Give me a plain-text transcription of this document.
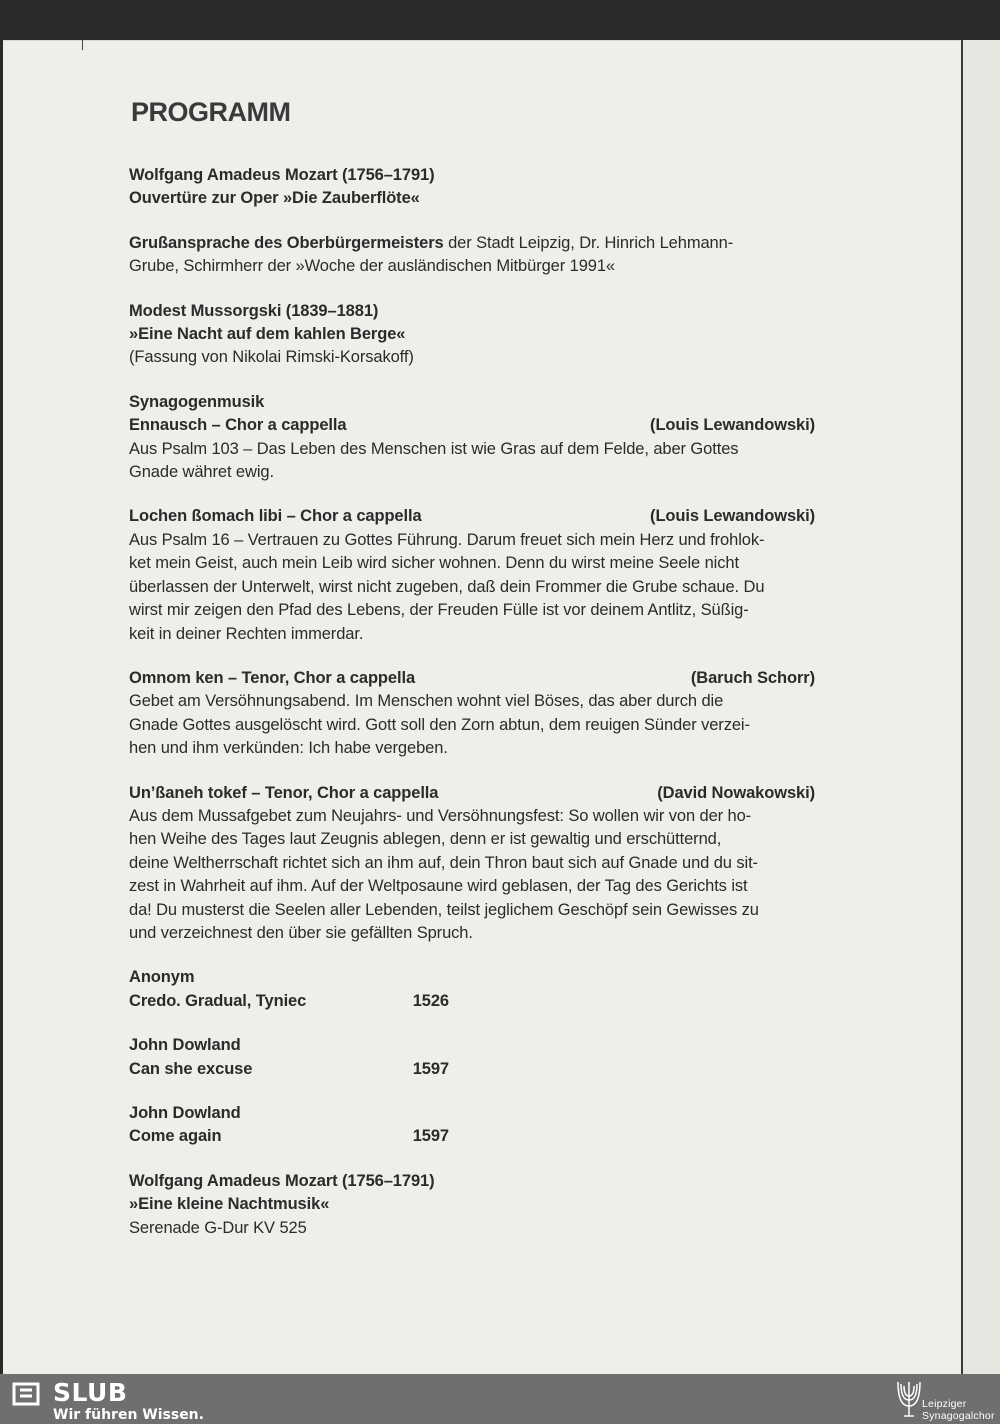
PROGRAMM

Wolfgang Amadeus Mozart (1756–1791)

Ouvertüre zur Oper »Die Zauberflöte«

Grußansprache des Oberbürgermeisters der Stadt Leipzig, Dr. Hinrich Lehmann-

Grube, Schirmherr der »Woche der ausländischen Mitbürger 1991«

Modest Mussorgski (1839–1881)

»Eine Nacht auf dem kahlen Berge«

(Fassung von Nikolai Rimski-Korsakoff)

Synagogenmusik

Ennausch – Chor a cappella	(Louis Lewandowski)

Aus Psalm 103 – Das Leben des Menschen ist wie Gras auf dem Felde, aber Gottes

Gnade währet ewig.

Lochen ßomach libi – Chor a cappella	(Louis Lewandowski)

Aus Psalm 16 – Vertrauen zu Gottes Führung. Darum freuet sich mein Herz und frohlok-

ket mein Geist, auch mein Leib wird sicher wohnen. Denn du wirst meine Seele nicht

überlassen der Unterwelt, wirst nicht zugeben, daß dein Frommer die Grube schaue. Du

wirst mir zeigen den Pfad des Lebens, der Freuden Fülle ist vor deinem Antlitz, Süßig-

keit in deiner Rechten immerdar.

Omnom ken – Tenor, Chor a cappella	(Baruch Schorr)

Gebet am Versöhnungsabend. Im Menschen wohnt viel Böses, das aber durch die

Gnade Gottes ausgelöscht wird. Gott soll den Zorn abtun, dem reuigen Sünder verzei-

hen und ihm verkünden: Ich habe vergeben.

Un’ßaneh tokef – Tenor, Chor a cappella	(David Nowakowski)

Aus dem Mussafgebet zum Neujahrs- und Versöhnungsfest: So wollen wir von der ho-

hen Weihe des Tages laut Zeugnis ablegen, denn er ist gewaltig und erschütternd,

deine Weltherrschaft richtet sich an ihm auf, dein Thron baut sich auf Gnade und du sit-

zest in Wahrheit auf ihm. Auf der Weltposaune wird geblasen, der Tag des Gerichts ist

da! Du musterst die Seelen aller Lebenden, teilst jeglichem Geschöpf sein Gewisses zu

und verzeichnest den über sie gefällten Spruch.

Anonym

Credo. Gradual, Tyniec	1526

John Dowland

Can she excuse	1597

John Dowland

Come again	1597

Wolfgang Amadeus Mozart (1756–1791)

»Eine kleine Nachtmusik«

Serenade G-Dur KV 525

SLUB
Wir führen Wissen.
Leipziger
Synagogalchor
